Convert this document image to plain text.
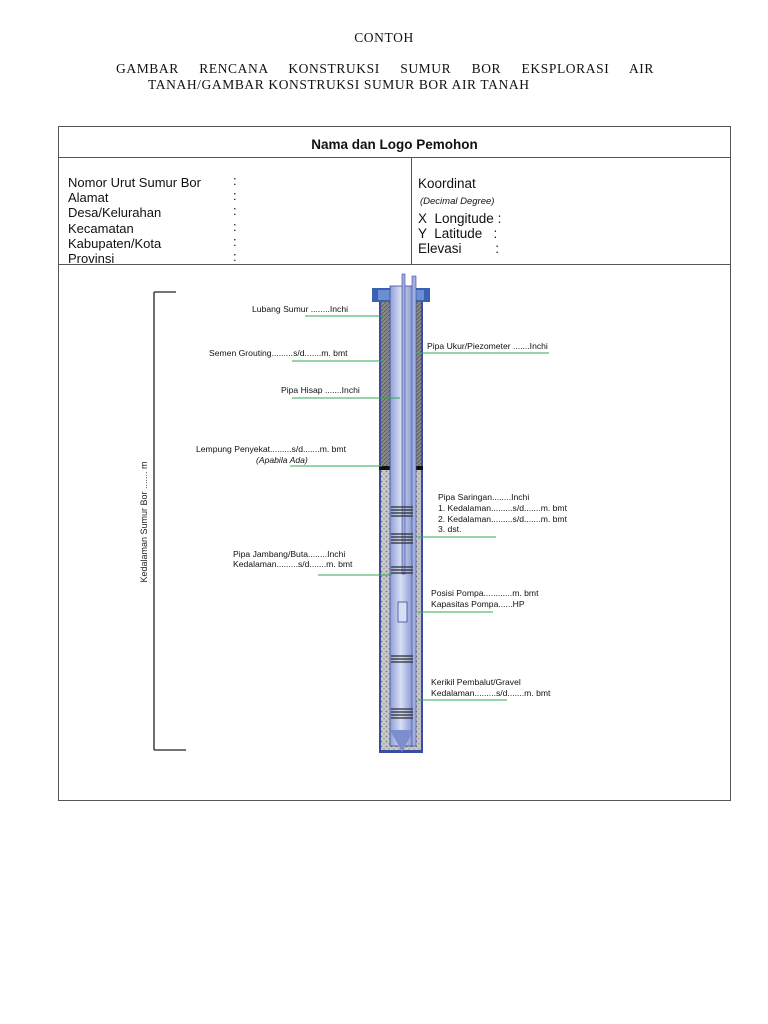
CONTOH
GAMBAR RENCANA KONSTRUKSI SUMUR BOR EKSPLORASI AIR
TANAH/GAMBAR KONSTRUKSI SUMUR BOR AIR TANAH
Nama dan Logo Pemohon
Nomor Urut Sumur Bor
Alamat
Desa/Kelurahan
Kecamatan
Kabupaten/Kota
Provinsi
:
:
:
:
:
:
Koordinat
(Decimal Degree)
X  Longitude :
Y  Latitude   :
Elevasi         :
Kedalaman Sumur Bor ....... m
Lubang Sumur ........Inchi
Semen Grouting.........s/d.......m. bmt
Pipa Hisap .......Inchi
Lempung Penyekat.........s/d.......m. bmt
(Apabila Ada)
Pipa Jambang/Buta........Inchi
Kedalaman.........s/d.......m. bmt
Pipa Ukur/Piezometer .......Inchi
Pipa Saringan........Inchi
1. Kedalaman.........s/d.......m. bmt
2. Kedalaman.........s/d.......m. bmt
3. dst.
Posisi Pompa............m. bmt
Kapasitas Pompa......HP
Kerikil Pembalut/Gravel
Kedalaman.........s/d.......m. bmt
